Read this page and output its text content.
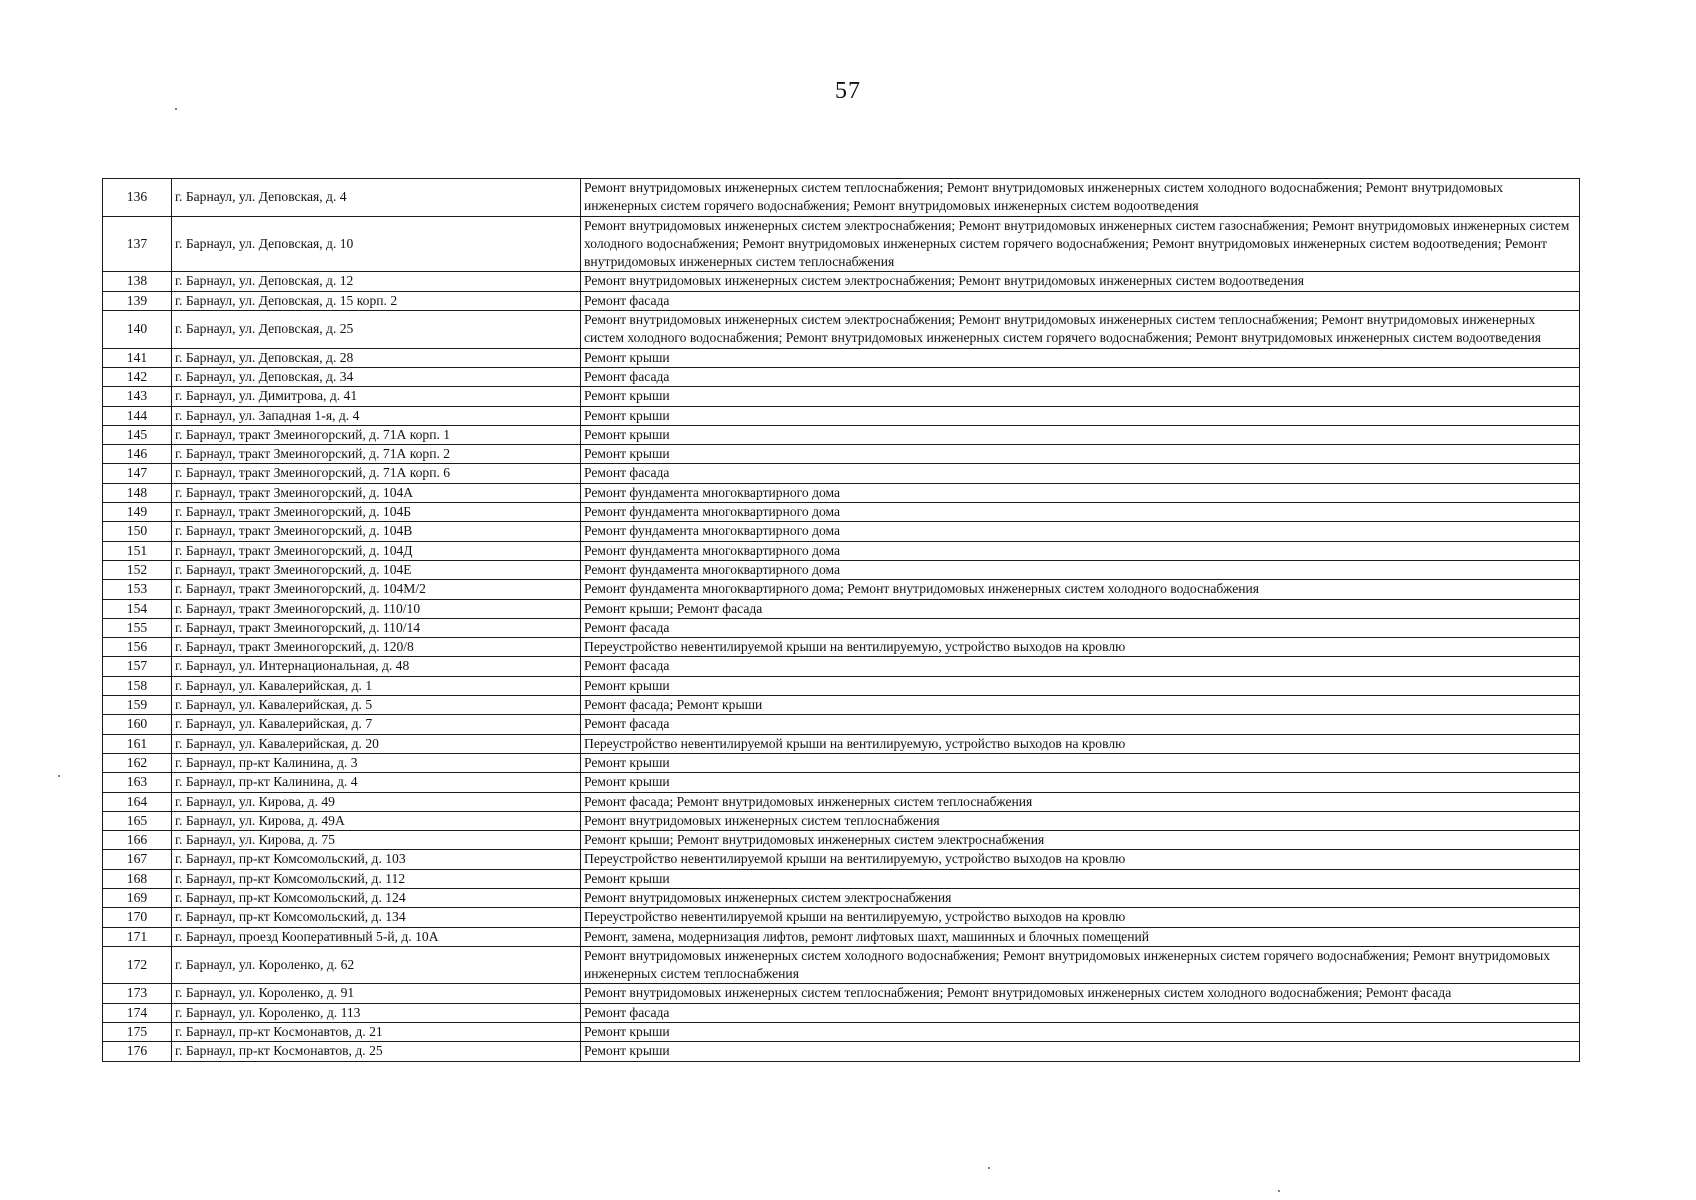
57
136	г. Барнаул, ул. Деповская, д. 4	Ремонт внутридомовых инженерных систем теплоснабжения; Ремонт внутридомовых инженерных систем холодного водоснабжения; Ремонт внутридомовых инженерных систем горячего водоснабжения; Ремонт внутридомовых инженерных систем водоотведения
137	г. Барнаул, ул. Деповская, д. 10	Ремонт внутридомовых инженерных систем электроснабжения; Ремонт внутридомовых инженерных систем газоснабжения; Ремонт внутридомовых инженерных систем холодного водоснабжения; Ремонт внутридомовых инженерных систем горячего водоснабжения; Ремонт внутридомовых инженерных систем водоотведения; Ремонт внутридомовых инженерных систем теплоснабжения
138	г. Барнаул, ул. Деповская, д. 12	Ремонт внутридомовых инженерных систем электроснабжения; Ремонт внутридомовых инженерных систем водоотведения
139	г. Барнаул, ул. Деповская, д. 15 корп. 2	Ремонт фасада
140	г. Барнаул, ул. Деповская, д. 25	Ремонт внутридомовых инженерных систем электроснабжения; Ремонт внутридомовых инженерных систем теплоснабжения; Ремонт внутридомовых инженерных систем холодного водоснабжения; Ремонт внутридомовых инженерных систем горячего водоснабжения; Ремонт внутридомовых инженерных систем водоотведения
141	г. Барнаул, ул. Деповская, д. 28	Ремонт крыши
142	г. Барнаул, ул. Деповская, д. 34	Ремонт фасада
143	г. Барнаул, ул. Димитрова, д. 41	Ремонт крыши
144	г. Барнаул, ул. Западная 1-я, д. 4	Ремонт крыши
145	г. Барнаул, тракт Змеиногорский, д. 71А корп. 1	Ремонт крыши
146	г. Барнаул, тракт Змеиногорский, д. 71А корп. 2	Ремонт крыши
147	г. Барнаул, тракт Змеиногорский, д. 71А корп. 6	Ремонт фасада
148	г. Барнаул, тракт Змеиногорский, д. 104А	Ремонт фундамента многоквартирного дома
149	г. Барнаул, тракт Змеиногорский, д. 104Б	Ремонт фундамента многоквартирного дома
150	г. Барнаул, тракт Змеиногорский, д. 104В	Ремонт фундамента многоквартирного дома
151	г. Барнаул, тракт Змеиногорский, д. 104Д	Ремонт фундамента многоквартирного дома
152	г. Барнаул, тракт Змеиногорский, д. 104Е	Ремонт фундамента многоквартирного дома
153	г. Барнаул, тракт Змеиногорский, д. 104М/2	Ремонт фундамента многоквартирного дома; Ремонт внутридомовых инженерных систем холодного водоснабжения
154	г. Барнаул, тракт Змеиногорский, д. 110/10	Ремонт крыши; Ремонт фасада
155	г. Барнаул, тракт Змеиногорский, д. 110/14	Ремонт фасада
156	г. Барнаул, тракт Змеиногорский, д. 120/8	Переустройство невентилируемой крыши на вентилируемую, устройство выходов на кровлю
157	г. Барнаул, ул. Интернациональная, д. 48	Ремонт фасада
158	г. Барнаул, ул. Кавалерийская, д. 1	Ремонт крыши
159	г. Барнаул, ул. Кавалерийская, д. 5	Ремонт фасада; Ремонт крыши
160	г. Барнаул, ул. Кавалерийская, д. 7	Ремонт фасада
161	г. Барнаул, ул. Кавалерийская, д. 20	Переустройство невентилируемой крыши на вентилируемую, устройство выходов на кровлю
162	г. Барнаул, пр-кт Калинина, д. 3	Ремонт крыши
163	г. Барнаул, пр-кт Калинина, д. 4	Ремонт крыши
164	г. Барнаул, ул. Кирова, д. 49	Ремонт фасада; Ремонт внутридомовых инженерных систем теплоснабжения
165	г. Барнаул, ул. Кирова, д. 49А	Ремонт внутридомовых инженерных систем теплоснабжения
166	г. Барнаул, ул. Кирова, д. 75	Ремонт крыши; Ремонт внутридомовых инженерных систем электроснабжения
167	г. Барнаул, пр-кт Комсомольский, д. 103	Переустройство невентилируемой крыши на вентилируемую, устройство выходов на кровлю
168	г. Барнаул, пр-кт Комсомольский, д. 112	Ремонт крыши
169	г. Барнаул, пр-кт Комсомольский, д. 124	Ремонт внутридомовых инженерных систем электроснабжения
170	г. Барнаул, пр-кт Комсомольский, д. 134	Переустройство невентилируемой крыши на вентилируемую, устройство выходов на кровлю
171	г. Барнаул, проезд Кооперативный 5-й, д. 10А	Ремонт, замена, модернизация лифтов, ремонт лифтовых шахт, машинных и блочных помещений
172	г. Барнаул, ул. Короленко, д. 62	Ремонт внутридомовых инженерных систем холодного водоснабжения; Ремонт внутридомовых инженерных систем горячего водоснабжения; Ремонт внутридомовых инженерных систем теплоснабжения
173	г. Барнаул, ул. Короленко, д. 91	Ремонт внутридомовых инженерных систем теплоснабжения; Ремонт внутридомовых инженерных систем холодного водоснабжения; Ремонт фасада
174	г. Барнаул, ул. Короленко, д. 113	Ремонт фасада
175	г. Барнаул, пр-кт Космонавтов, д. 21	Ремонт крыши
176	г. Барнаул, пр-кт Космонавтов, д. 25	Ремонт крыши
